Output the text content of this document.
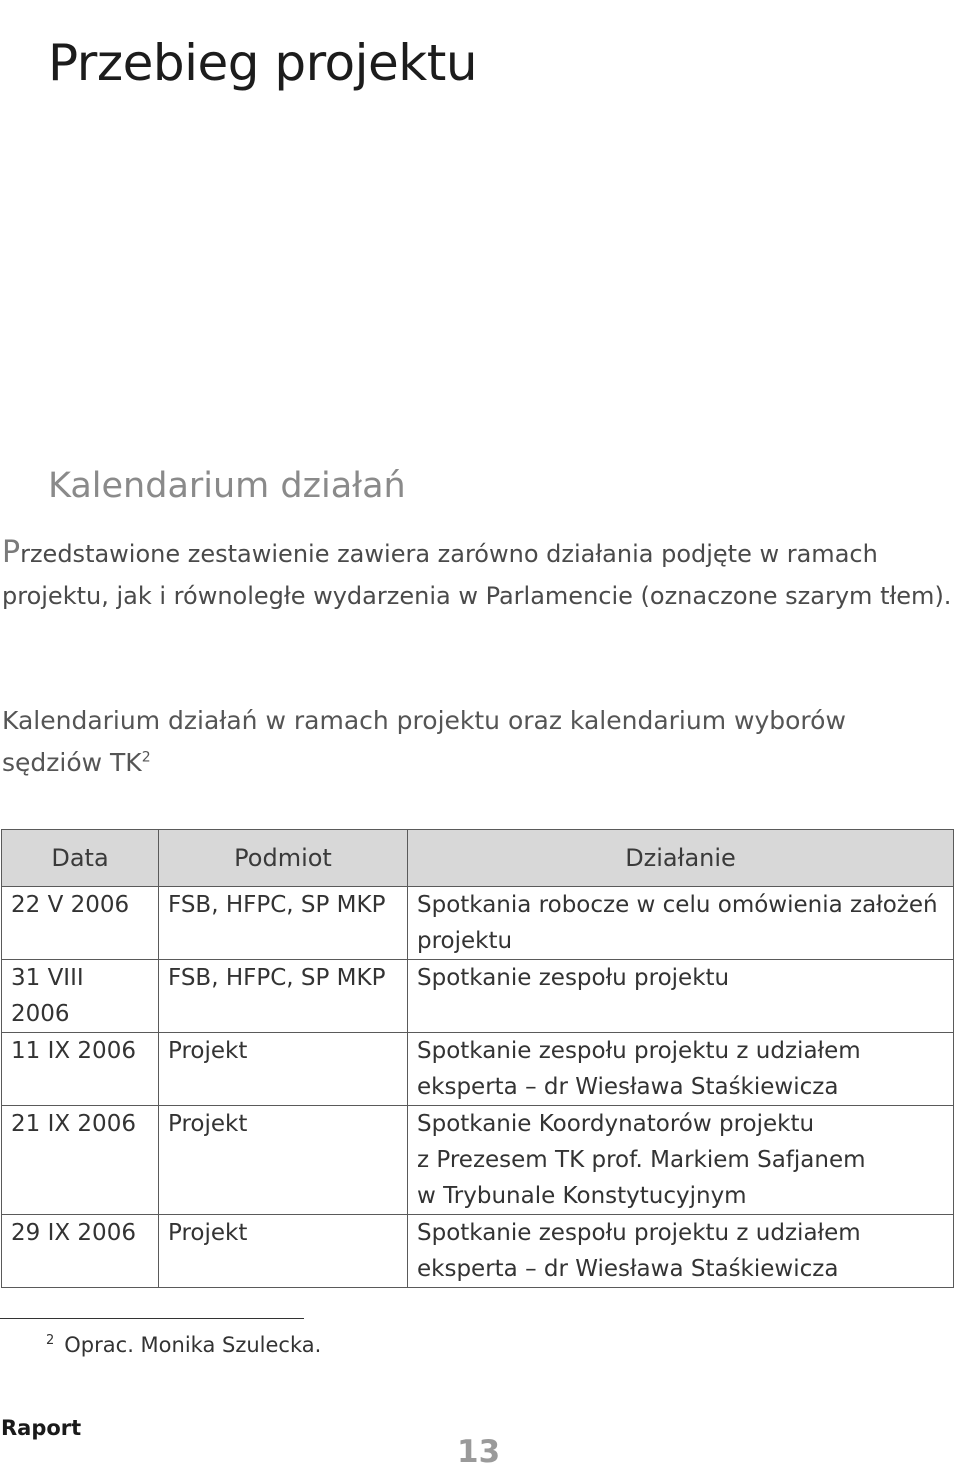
Przebieg projektu
Kalendarium działań

Przedstawione zestawienie zawiera zarówno działania podjęte w ramach projektu, jak i równoległe wydarzenia w Parlamencie (oznaczone szarym tłem).

Kalendarium działań w ramach projektu oraz kalendarium wyborów sędziów TK$^2$

Data	Podmiot	Działanie
22 V 2006	FSB, HFPC, SP MKP	Spotkania robocze w celu omówienia założeń
projektu

31 VIII 2006	FSB, HFPC, SP MKP	Spotkanie zespołu projektu

11 IX 2006	Projekt	Spotkanie zespołu projektu z udziałem
eksperta – dr Wiesława Staśkiewicza

21 IX 2006	Projekt	Spotkanie Koordynatorów projektu
z Prezesem TK prof. Markiem Safjanem
w Trybunale Konstytucyjnym

29 IX 2006	Projekt	Spotkanie zespołu projektu z udziałem
eksperta – dr Wiesława Staśkiewicza
$^2$ Oprac. Monika Szulecka.
Raport
13
